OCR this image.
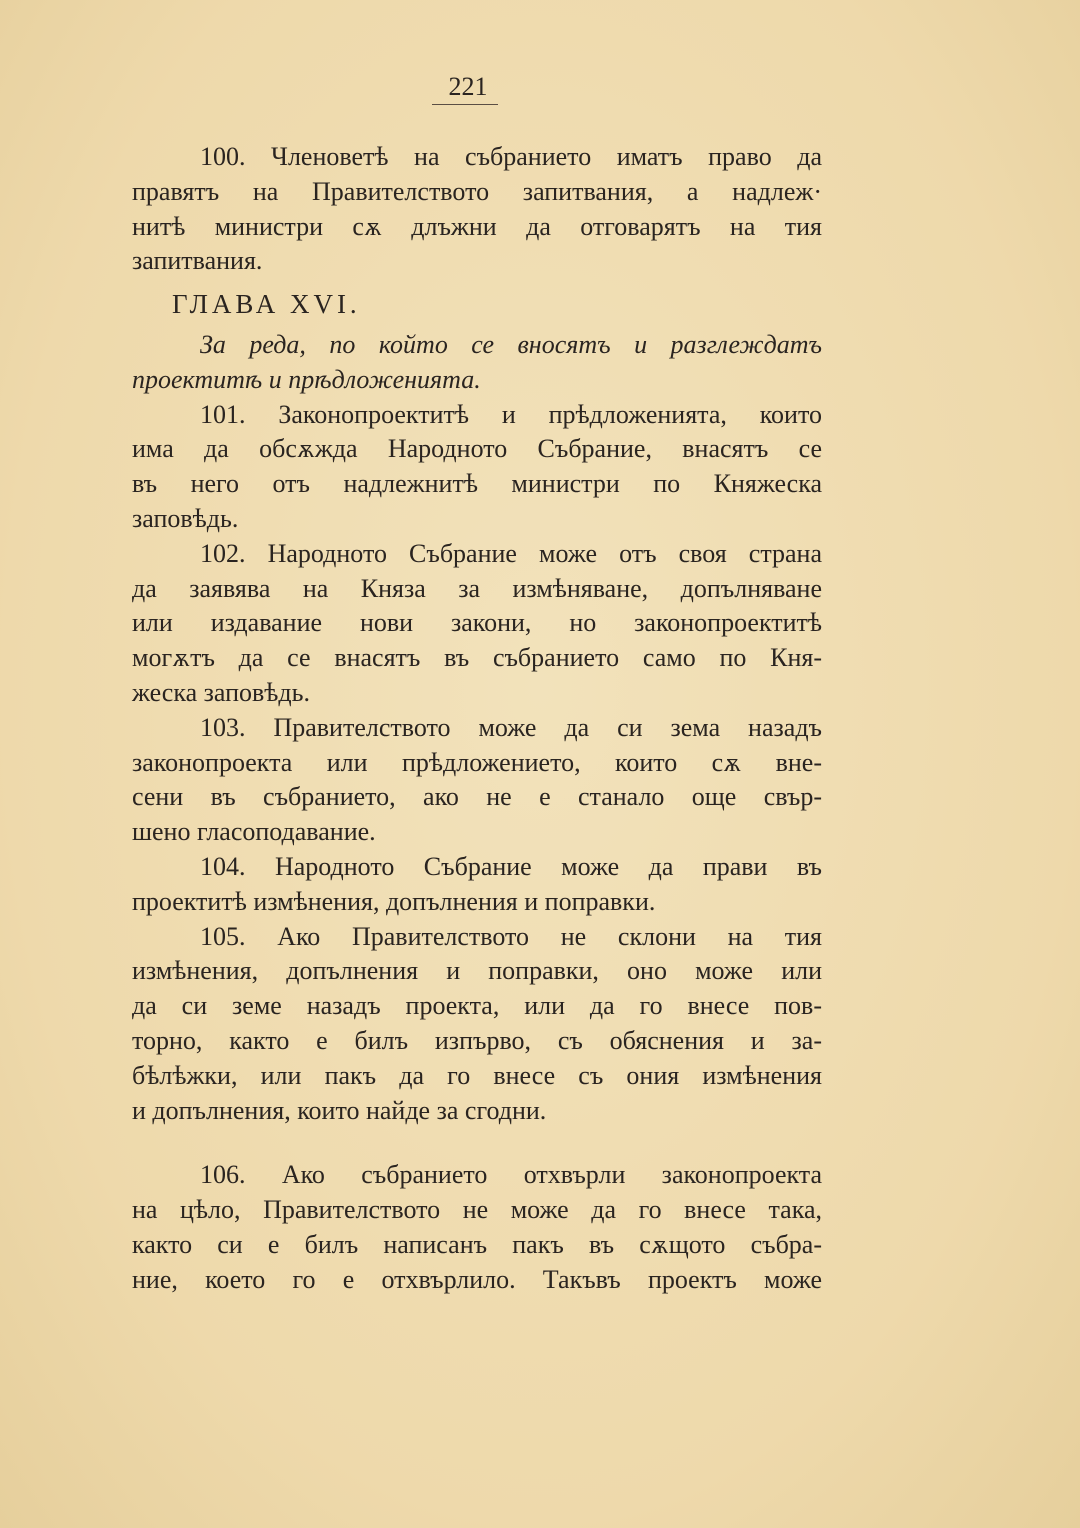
221
100. Членоветѣ на събранието иматъ право да
правятъ на Правителството запитвания, а надлеж·
нитѣ министри сѫ длъжни да отговарятъ на тия
запитвания.
ГЛАВА XVI.
За реда, по който се вносятъ и разглеждатъ
проектитѣ и прѣдложенията.
101. Законопроектитѣ и прѣдложенията, които
има да обсѫжда Народното Събрание, внасятъ се
въ него отъ надлежнитѣ министри по Княжеска
заповѣдь.
102. Народното Събрание може отъ своя страна
да заявява на Княза за измѣняване, допълняване
или издавание нови закони, но законопроектитѣ
могѫтъ да се внасятъ въ събранието само по Кня-
жеска заповѣдь.
103. Правителството може да си зема назадъ
законопроекта или прѣдложението, които сѫ вне-
сени въ събранието, ако не е станало още свър-
шено гласоподавание.
104. Народното Събрание може да прави въ
проектитѣ измѣнения, допълнения и поправки.
105. Ако Правителството не склони на тия
измѣнения, допълнения и поправки, оно може или
да си земе назадъ проекта, или да го внесе пов-
торно, както е билъ изпърво, съ обяснения и за-
бѣлѣжки, или пакъ да го внесе съ ония измѣнения
и допълнения, които найде за сгодни.
106. Ако събранието отхвърли законопроекта
на цѣло, Правителството не може да го внесе така,
както си е билъ написанъ пакъ въ сѫщото събра-
ние, което го е отхвърлило. Такъвъ проектъ може
